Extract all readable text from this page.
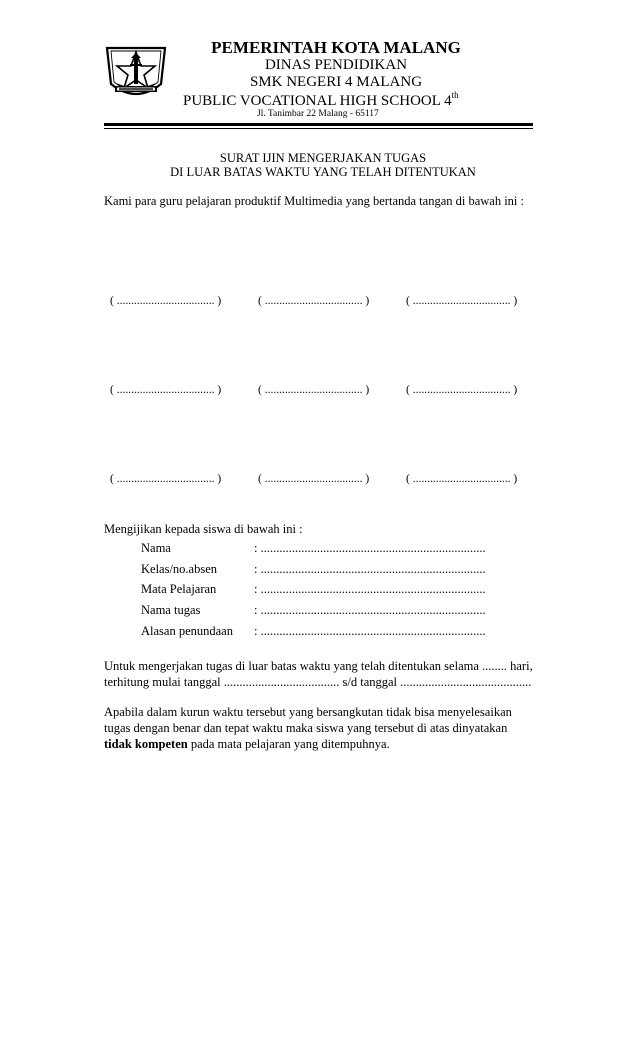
PEMERINTAH KOTA MALANG
DINAS PENDIDIKAN
SMK NEGERI 4 MALANG
PUBLIC VOCATIONAL HIGH SCHOOL 4th
Jl. Tanimbar 22 Malang - 65117
SURAT IJIN MENGERJAKAN TUGAS
DI LUAR BATAS WAKTU YANG TELAH DITENTUKAN
Kami para guru pelajaran produktif Multimedia yang bertanda tangan di bawah ini :
( .................................. )	( .................................. )	( .................................. )
( .................................. )	( .................................. )	( .................................. )
( .................................. )	( .................................. )	( .................................. )
Mengijikan kepada siswa di bawah ini :
Nama	: ........................................................................
Kelas/no.absen	: ........................................................................
Mata Pelajaran	: ........................................................................
Nama tugas	: ........................................................................
Alasan penundaan : ........................................................................
Untuk mengerjakan tugas di luar batas waktu yang telah ditentukan selama ........ hari,
terhitung mulai tanggal ..................................... s/d tanggal ..........................................
Apabila dalam kurun waktu tersebut yang bersangkutan tidak bisa menyelesaikan
tugas dengan benar dan tepat waktu maka siswa yang tersebut di atas dinyatakan
tidak kompeten pada mata pelajaran yang ditempuhnya.
